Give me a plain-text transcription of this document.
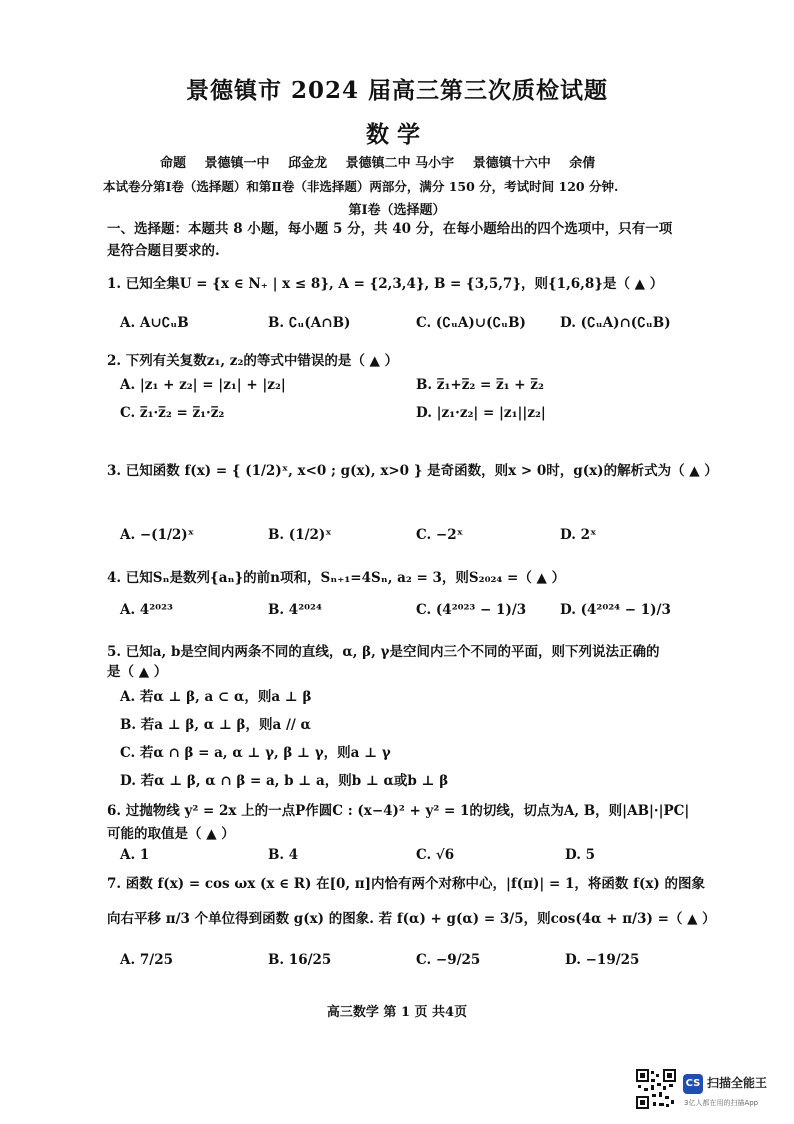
景德镇市 2024 届高三第三次质检试题
数学
命题 景德镇一中 邱金龙 景德镇二中 马小宇 景德镇十六中 余倩
本试卷分第Ⅰ卷（选择题）和第Ⅱ卷（非选择题）两部分，满分 150 分，考试时间 120 分钟.
第Ⅰ卷（选择题）
一、选择题：本题共 8 小题，每小题 5 分，共 40 分，在每小题给出的四个选项中，只有一项
是符合题目要求的.
1. 已知全集U = {x ∈ N₊ | x ≤ 8}, A = {2,3,4}, B = {3,5,7}，则{1,6,8}是（ ▲ ）
A. A∪∁ᵤB	B. ∁ᵤ(A∩B)	C. (∁ᵤA)∪(∁ᵤB)	D. (∁ᵤA)∩(∁ᵤB)
2. 下列有关复数z₁, z₂的等式中错误的是（ ▲ ）
A. |z₁ + z₂| = |z₁| + |z₂|	B. z̅₁+z̅₂ = z̅₁ + z̅₂
C. z̅₁·z̅₂ = z̅₁·z̅₂	D. |z₁·z₂| = |z₁||z₂|
3. 已知函数 f(x) = { (1/2)ˣ, x<0 ; g(x), x>0 } 是奇函数，则x > 0时，g(x)的解析式为（ ▲ ）
A. −(1/2)ˣ	B. (1/2)ˣ	C. −2ˣ	D. 2ˣ
4. 已知Sₙ是数列{aₙ}的前n项和，Sₙ₊₁=4Sₙ, a₂ = 3，则S₂₀₂₄ =（ ▲ ）
A. 4²⁰²³	B. 4²⁰²⁴	C. (4²⁰²³ − 1)/3	D. (4²⁰²⁴ − 1)/3
5. 已知a, b是空间内两条不同的直线，α, β, γ是空间内三个不同的平面，则下列说法正确的
是（ ▲ ）
A. 若α ⊥ β, a ⊂ α，则a ⊥ β
B. 若a ⊥ β, α ⊥ β，则a // α
C. 若α ∩ β = a, α ⊥ γ, β ⊥ γ，则a ⊥ γ
D. 若α ⊥ β, α ∩ β = a, b ⊥ a，则b ⊥ α或b ⊥ β
6. 过抛物线 y² = 2x 上的一点P作圆C : (x−4)² + y² = 1的切线，切点为A, B，则|AB|·|PC|
可能的取值是（ ▲ ）
A. 1	B. 4	C. √6	D. 5
7. 函数 f(x) = cos ωx (x ∈ R) 在[0, π]内恰有两个对称中心，|f(π)| = 1，将函数 f(x) 的图象
向右平移 π/3 个单位得到函数 g(x) 的图象. 若 f(α) + g(α) = 3/5，则cos(4α + π/3) =（ ▲ ）
A. 7/25	B. 16/25	C. −9/25	D. −19/25
高三数学 第 1 页 共4页
CS 扫描全能王
3亿人都在用的扫描App
